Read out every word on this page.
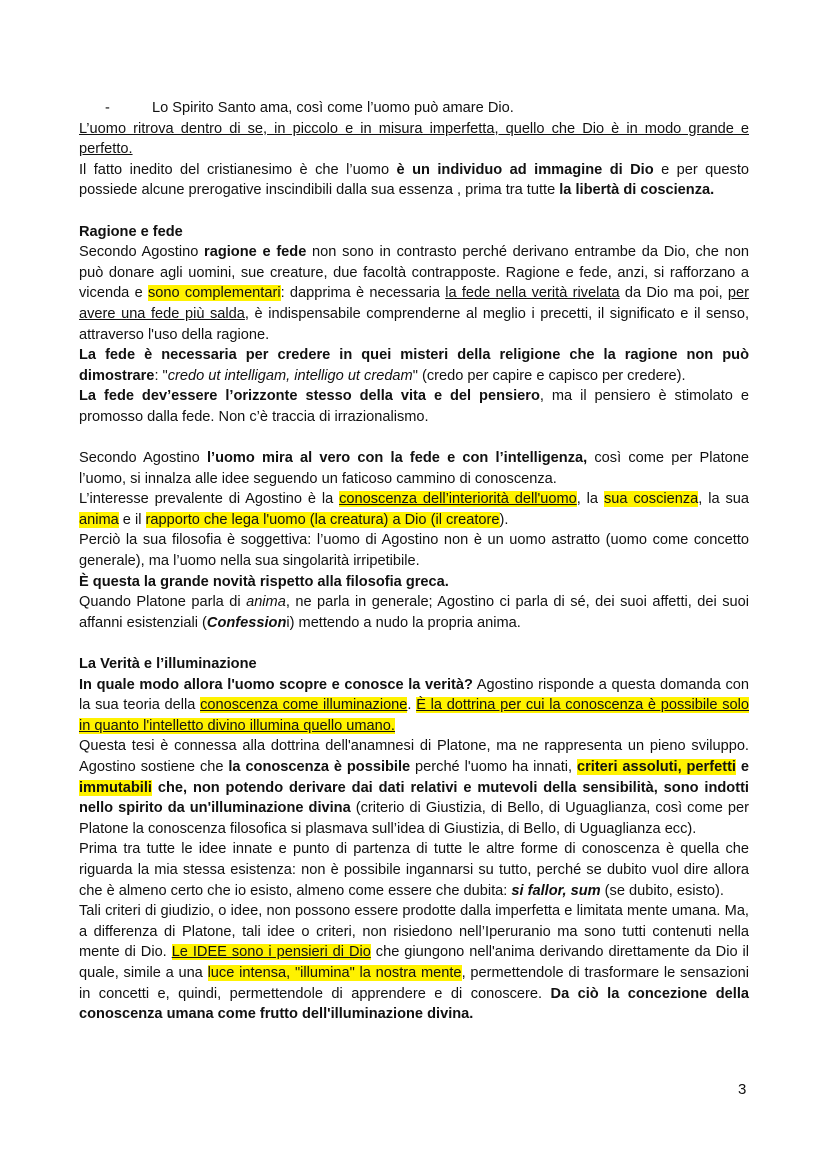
-	Lo Spirito Santo ama, così come l’uomo può amare Dio.

L’uomo ritrova dentro di se, in piccolo e in misura imperfetta, quello che Dio è in modo grande e perfetto.

Il fatto inedito del cristianesimo è che l’uomo è un individuo ad immagine di Dio e per questo possiede alcune prerogative inscindibili dalla sua essenza , prima tra tutte la libertà di coscienza.

Ragione e fede

Secondo Agostino ragione e fede non sono in contrasto perché derivano entrambe da Dio, che non può donare agli uomini, sue creature, due facoltà contrapposte. Ragione e fede, anzi, si rafforzano a vicenda e sono complementari: dapprima è necessaria la fede nella verità rivelata da Dio ma poi, per avere una fede più salda, è indispensabile comprenderne al meglio i precetti, il significato e il senso, attraverso l'uso della ragione.

La fede è necessaria per credere in quei misteri della religione che la ragione non può dimostrare: "credo ut intelligam, intelligo ut credam" (credo per capire e capisco per credere).

La fede dev’essere l’orizzonte stesso della vita e del pensiero, ma il pensiero è stimolato e promosso dalla fede. Non c’è traccia di irrazionalismo.

Secondo Agostino l’uomo mira al vero con la fede e con l’intelligenza, così come per Platone l’uomo, si innalza alle idee seguendo un faticoso cammino di conoscenza.

L’interesse prevalente di Agostino è la conoscenza dell’interiorità dell'uomo, la sua coscienza, la sua anima e il rapporto che lega l'uomo (la creatura) a Dio (il creatore).

Perciò la sua filosofia è soggettiva: l’uomo di Agostino non è un uomo astratto (uomo come concetto generale), ma l’uomo nella sua singolarità irripetibile.

È questa la grande novità rispetto alla filosofia greca.

Quando Platone parla di anima, ne parla in generale; Agostino ci parla di sé, dei suoi affetti, dei suoi affanni esistenziali (Confessioni) mettendo a nudo la propria anima.

La Verità e l’illuminazione

In quale modo allora l'uomo scopre e conosce la verità? Agostino risponde a questa domanda con la sua teoria della conoscenza come illuminazione. È la dottrina per cui la conoscenza è possibile solo in quanto l'intelletto divino illumina quello umano.

Questa tesi è connessa alla dottrina dell'anamnesi di Platone, ma ne rappresenta un pieno sviluppo. Agostino sostiene che la conoscenza è possibile perché l'uomo ha innati, criteri assoluti, perfetti e immutabili che, non potendo derivare dai dati relativi e mutevoli della sensibilità, sono indotti nello spirito da un'illuminazione divina (criterio di Giustizia, di Bello, di Uguaglianza, così come per Platone la conoscenza filosofica si plasmava sull’idea di Giustizia, di Bello, di Uguaglianza ecc).

Prima tra tutte le idee innate e punto di partenza di tutte le altre forme di conoscenza è quella che riguarda la mia stessa esistenza: non è possibile ingannarsi su tutto, perché se dubito vuol dire allora che è almeno certo che io esisto, almeno come essere che dubita: si fallor, sum (se dubito, esisto).

Tali criteri di giudizio, o idee, non possono essere prodotte dalla imperfetta e limitata mente umana. Ma, a differenza di Platone, tali idee o criteri, non risiedono nell’Iperuranio ma sono tutti contenuti nella mente di Dio. Le IDEE sono i pensieri di Dio che giungono nell'anima derivando direttamente da Dio il quale, simile a una luce intensa, "illumina" la nostra mente, permettendole di trasformare le sensazioni in concetti e, quindi, permettendole di apprendere e di conoscere. Da ciò la concezione della conoscenza umana come frutto dell'illuminazione divina.

3
